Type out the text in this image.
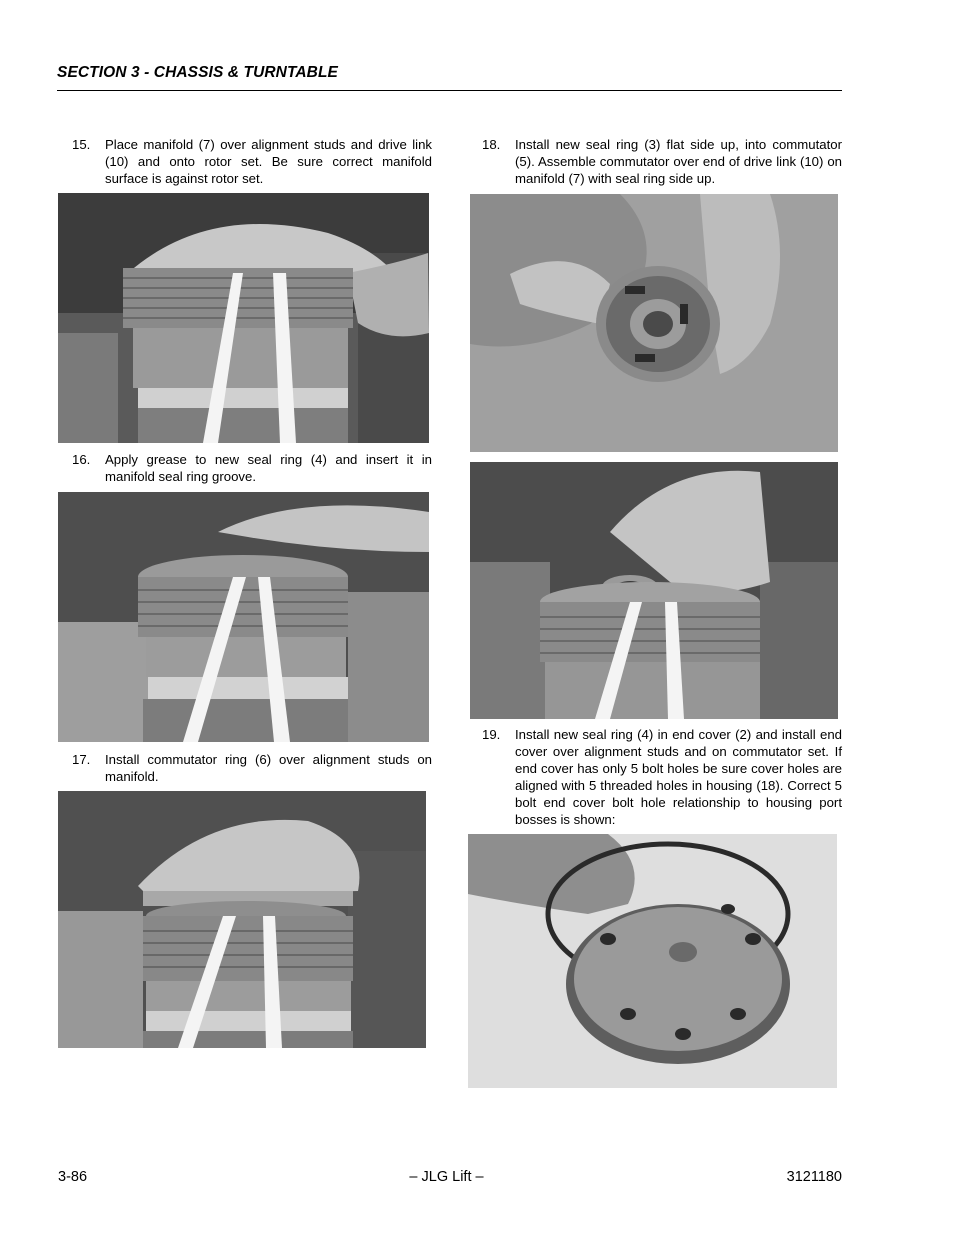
SECTION 3 - CHASSIS & TURNTABLE
15. Place manifold (7) over alignment studs and drive link (10) and onto rotor set. Be sure correct manifold surface is against rotor set.
16. Apply grease to new seal ring (4) and insert it in manifold seal ring groove.
17. Install commutator ring (6) over alignment studs on manifold.
18. Install new seal ring (3) flat side up, into commutator (5). Assemble commutator over end of drive link (10) on manifold (7) with seal ring side up.
19. Install new seal ring (4) in end cover (2) and install end cover over alignment studs and on commutator set. If end cover has only 5 bolt holes be sure cover holes are aligned with 5 threaded holes in housing (18). Correct 5 bolt end cover bolt hole relationship to housing port bosses is shown:
3-86	– JLG Lift –	3121180
